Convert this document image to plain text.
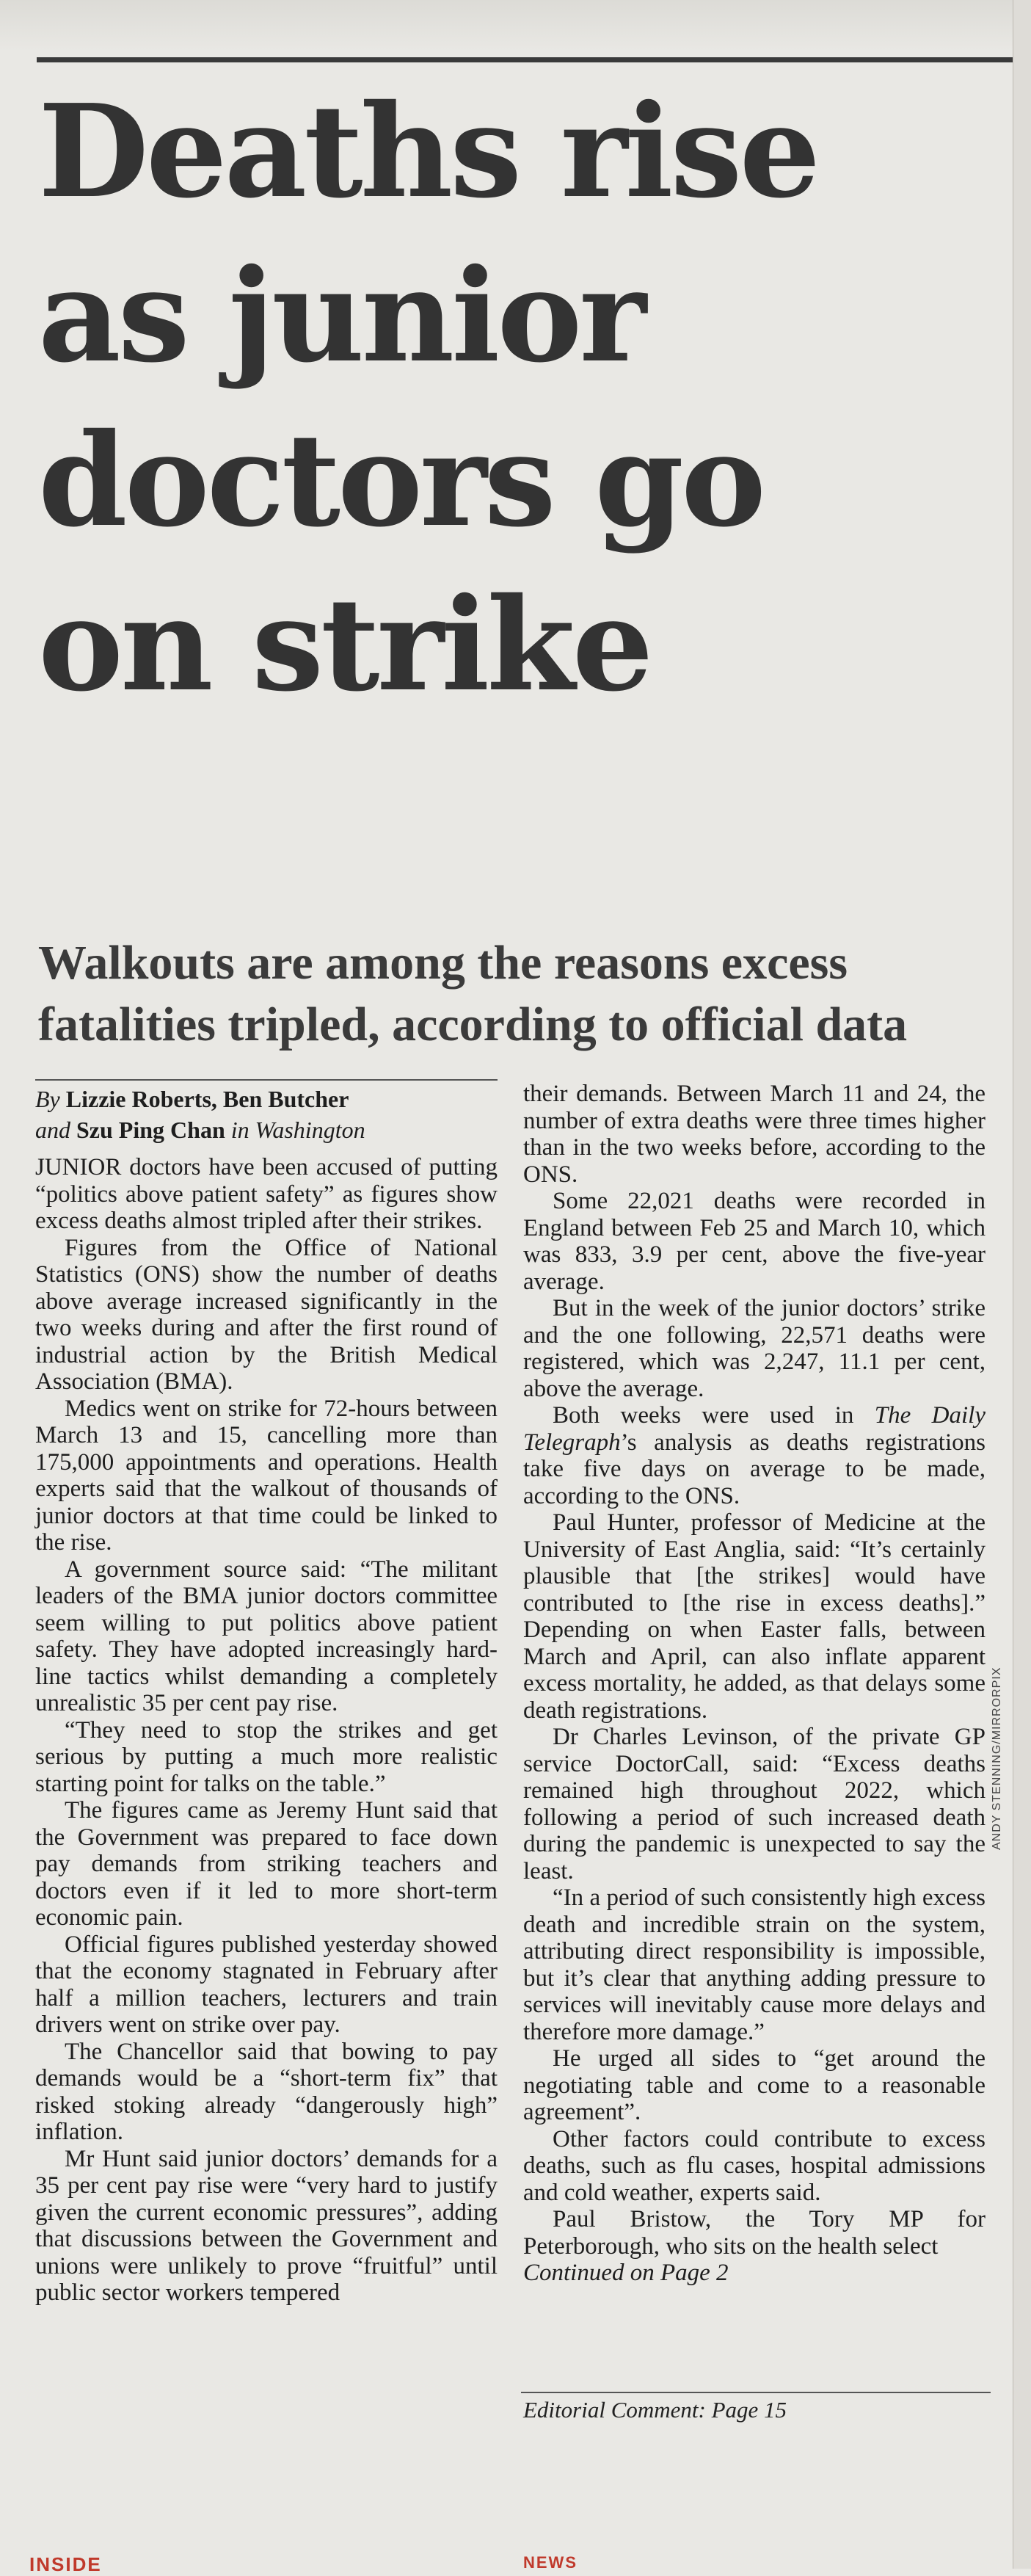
Deaths rise
as junior
doctors go
on strike
Walkouts are among the reasons excess fatalities tripled, according to official data
By Lizzie Roberts, Ben Butcher
and Szu Ping Chan in Washington

JUNIOR doctors have been accused of putting “politics above patient safety” as figures show excess deaths almost tripled after their strikes.

Figures from the Office of National Statistics (ONS) show the number of deaths above average increased significantly in the two weeks during and after the first round of industrial action by the British Medical Association (BMA).

Medics went on strike for 72-hours between March 13 and 15, cancelling more than 175,000 appointments and operations. Health experts said that the walkout of thousands of junior doctors at that time could be linked to the rise.

A government source said: “The militant leaders of the BMA junior doctors committee seem willing to put politics above patient safety. They have adopted increasingly hard-line tactics whilst demanding a completely unrealistic 35 per cent pay rise.

“They need to stop the strikes and get serious by putting a much more realistic starting point for talks on the table.”

The figures came as Jeremy Hunt said that the Government was prepared to face down pay demands from striking teachers and doctors even if it led to more short-term economic pain.

Official figures published yesterday showed that the economy stagnated in February after half a million teachers, lecturers and train drivers went on strike over pay.

The Chancellor said that bowing to pay demands would be a “short-term fix” that risked stoking already “dangerously high” inflation.

Mr Hunt said junior doctors’ demands for a 35 per cent pay rise were “very hard to justify given the current economic pressures”, adding that discussions between the Government and unions were unlikely to prove “fruitful” until public sector workers tempered

their demands. Between March 11 and 24, the number of extra deaths were three times higher than in the two weeks before, according to the ONS.

Some 22,021 deaths were recorded in England between Feb 25 and March 10, which was 833, 3.9 per cent, above the five-year average.

But in the week of the junior doctors’ strike and the one following, 22,571 deaths were registered, which was 2,247, 11.1 per cent, above the average.

Both weeks were used in The Daily Telegraph’s analysis as deaths registrations take five days on average to be made, according to the ONS.

Paul Hunter, professor of Medicine at the University of East Anglia, said: “It’s certainly plausible that [the strikes] would have contributed to [the rise in excess deaths].” Depending on when Easter falls, between March and April, can also inflate apparent excess mortality, he added, as that delays some death registrations.

Dr Charles Levinson, of the private GP service DoctorCall, said: “Excess deaths remained high throughout 2022, which following a period of such increased death during the pandemic is unexpected to say the least.

“In a period of such consistently high excess death and incredible strain on the system, attributing direct responsibility is impossible, but it’s clear that anything adding pressure to services will inevitably cause more delays and therefore more damage.”

He urged all sides to “get around the negotiating table and come to a reasonable agreement”.

Other factors could contribute to excess deaths, such as flu cases, hospital admissions and cold weather, experts said.

Paul Bristow, the Tory MP for Peterborough, who sits on the health select

Continued on Page 2

ANDY STENNING/MIRRORPIX
Editorial Comment: Page 15
INSIDE	NEWS
